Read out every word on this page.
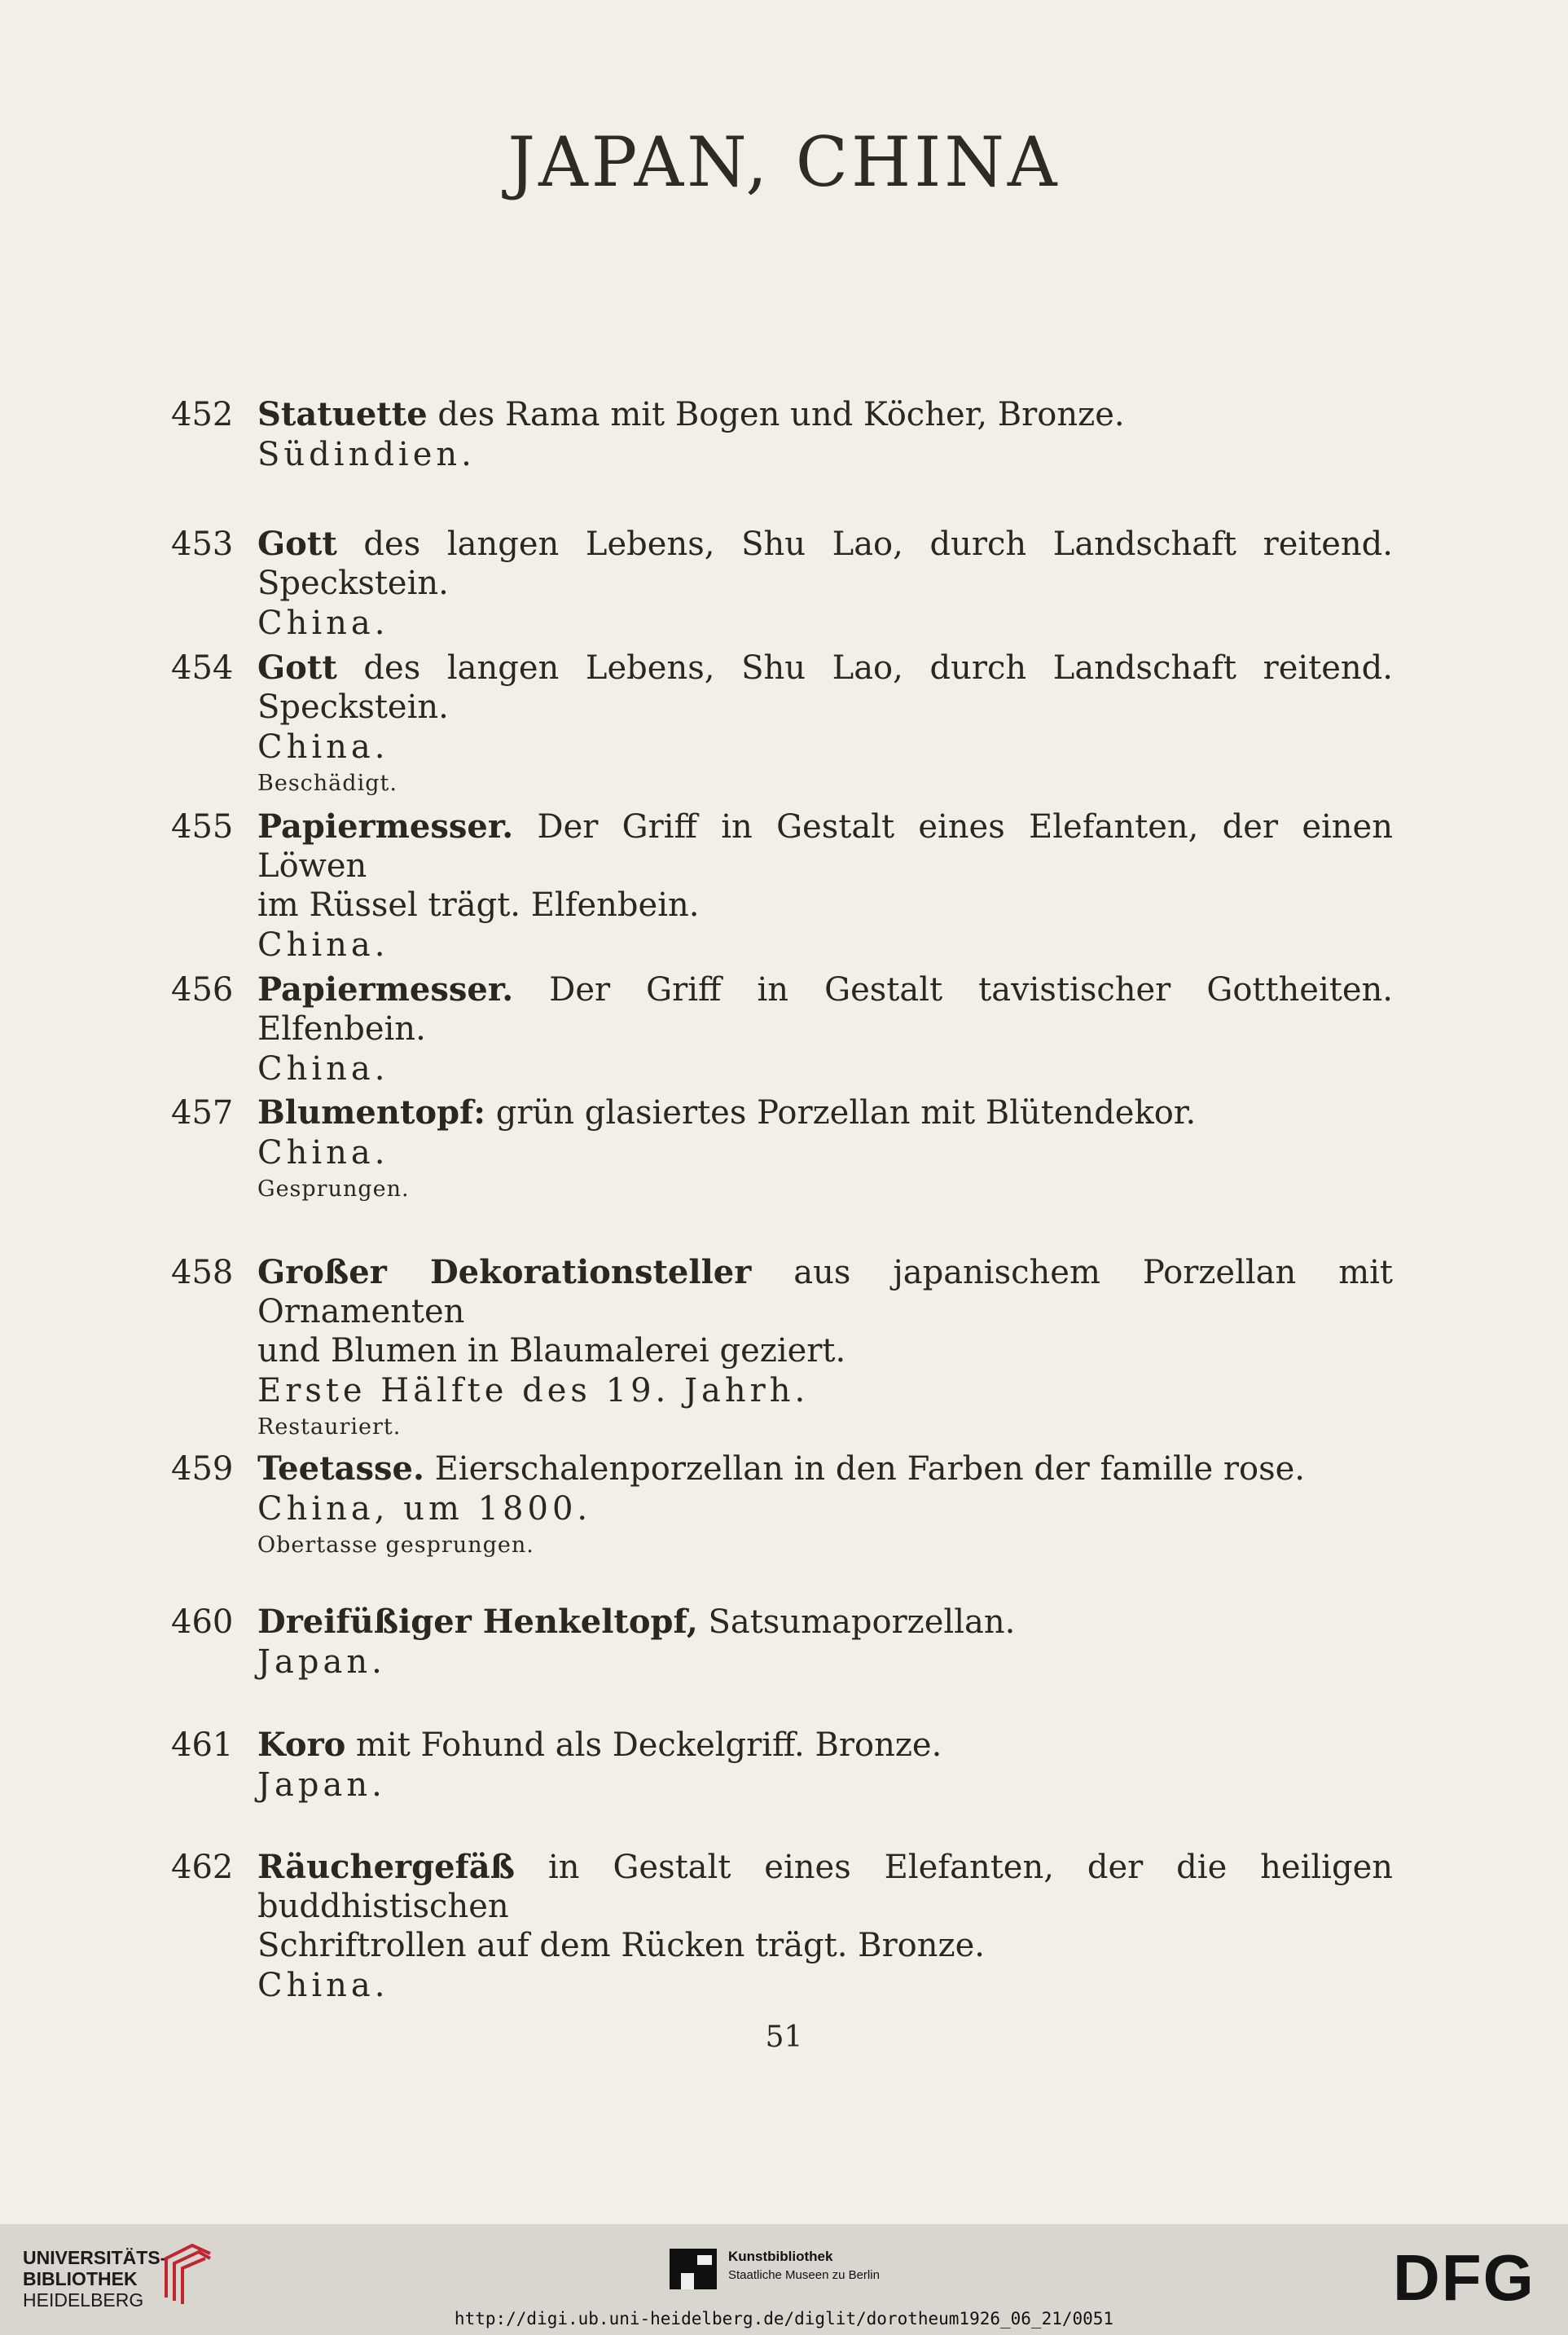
JAPAN, CHINA
452 Statuette des Rama mit Bogen und Köcher, Bronze.
Südindien.
453 Gott des langen Lebens, Shu Lao, durch Landschaft reitend. Speckstein.
China.
454 Gott des langen Lebens, Shu Lao, durch Landschaft reitend. Speckstein.
China.
Beschädigt.
455 Papiermesser. Der Griff in Gestalt eines Elefanten, der einen Löwen
im Rüssel trägt. Elfenbein.
China.
456 Papiermesser. Der Griff in Gestalt tavistischer Gottheiten. Elfenbein.
China.
457 Blumentopf: grün glasiertes Porzellan mit Blütendekor.
China.
Gesprungen.
458 Großer Dekorationsteller aus japanischem Porzellan mit Ornamenten
und Blumen in Blaumalerei geziert.
Erste Hälfte des 19. Jahrh.
Restauriert.
459 Teetasse. Eierschalenporzellan in den Farben der famille rose.
China, um 1800.
Obertasse gesprungen.
460 Dreifüßiger Henkeltopf, Satsumaporzellan.
Japan.
461 Koro mit Fohund als Deckelgriff. Bronze.
Japan.
462 Räuchergefäß in Gestalt eines Elefanten, der die heiligen buddhistischen
Schriftrollen auf dem Rücken trägt. Bronze.
China.
51
UNIVERSITÄTS-
BIBLIOTHEK
HEIDELBERG
Kunstbibliothek
Staatliche Museen zu Berlin	DFG
http://digi.ub.uni-heidelberg.de/diglit/dorotheum1926_06_21/0051
